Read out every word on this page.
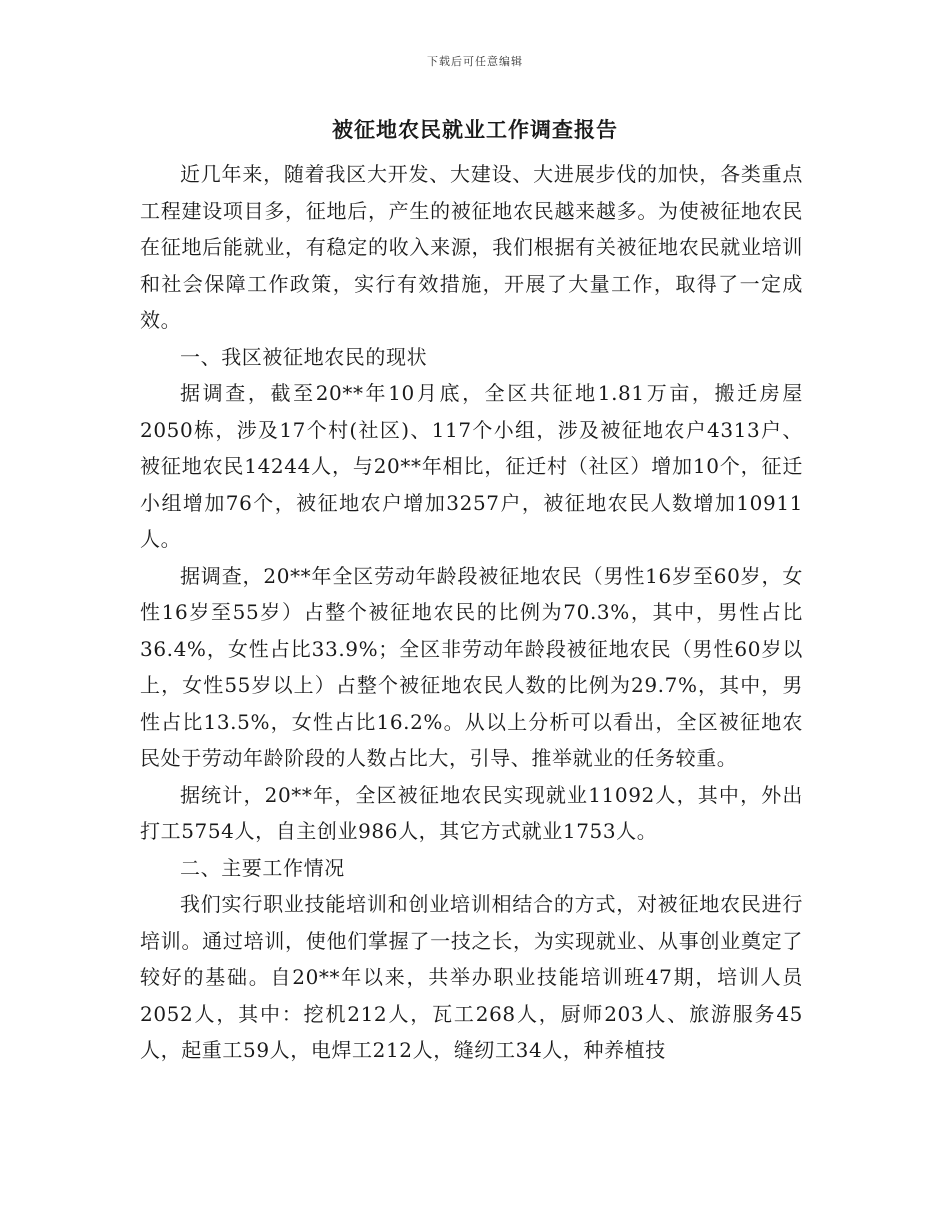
下载后可任意编辑
被征地农民就业工作调查报告

近几年来，随着我区大开发、大建设、大进展步伐的加快，各类重点工程建设项目多，征地后，产生的被征地农民越来越多。为使被征地农民在征地后能就业，有稳定的收入来源，我们根据有关被征地农民就业培训和社会保障工作政策，实行有效措施，开展了大量工作，取得了一定成效。

一、我区被征地农民的现状

据调查，截至20**年10月底，全区共征地1.81万亩，搬迁房屋2050栋，涉及17个村(社区)、117个小组，涉及被征地农户4313户、被征地农民14244人，与20**年相比，征迁村（社区）增加10个，征迁小组增加76个，被征地农户增加3257户，被征地农民人数增加10911人。

据调查，20**年全区劳动年龄段被征地农民（男性16岁至60岁，女性16岁至55岁）占整个被征地农民的比例为70.3%，其中，男性占比36.4%，女性占比33.9%；全区非劳动年龄段被征地农民（男性60岁以上，女性55岁以上）占整个被征地农民人数的比例为29.7%，其中，男性占比13.5%，女性占比16.2%。从以上分析可以看出，全区被征地农民处于劳动年龄阶段的人数占比大，引导、推举就业的任务较重。

据统计，20**年，全区被征地农民实现就业11092人，其中，外出打工5754人，自主创业986人，其它方式就业1753人。

二、主要工作情况

我们实行职业技能培训和创业培训相结合的方式，对被征地农民进行培训。通过培训，使他们掌握了一技之长，为实现就业、从事创业奠定了较好的基础。自20**年以来，共举办职业技能培训班47期，培训人员2052人，其中：挖机212人，瓦工268人，厨师203人、旅游服务45人，起重工59人，电焊工212人，缝纫工34人，种养植技
